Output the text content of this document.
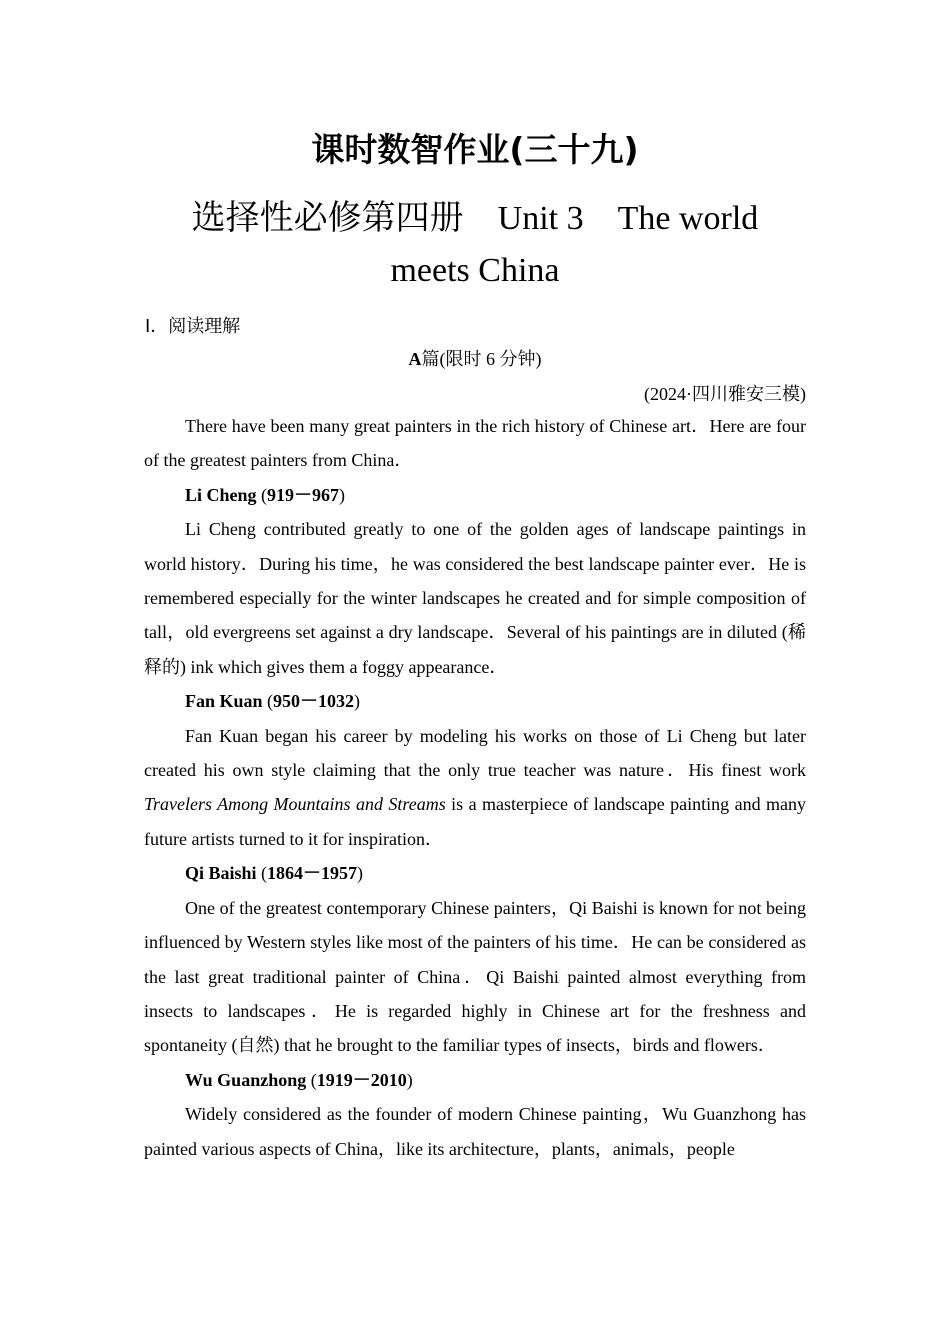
课时数智作业(三十九)
选择性必修第四册　Unit 3　The world
meets China
Ⅰ．阅读理解
A篇(限时 6 分钟)
(2024·四川雅安三模)

There have been many great painters in the rich history of Chinese art．Here are four of the greatest painters from China．

Li Cheng (919－967)

Li Cheng contributed greatly to one of the golden ages of landscape paintings in world history．During his time，he was considered the best landscape painter ever．He is remembered especially for the winter landscapes he created and for simple composition of tall，old evergreens set against a dry landscape．Several of his paintings are in diluted (稀释的) ink which gives them a foggy appearance．

Fan Kuan (950－1032)

Fan Kuan began his career by modeling his works on those of Li Cheng but later created his own style claiming that the only true teacher was nature．His finest work Travelers Among Mountains and Streams is a masterpiece of landscape painting and many future artists turned to it for inspiration．

Qi Baishi (1864－1957)

One of the greatest contemporary Chinese painters，Qi Baishi is known for not being influenced by Western styles like most of the painters of his time．He can be considered as the last great traditional painter of China．Qi Baishi painted almost everything from insects to landscapes．He is regarded highly in Chinese art for the freshness and spontaneity (自然) that he brought to the familiar types of insects，birds and flowers．

Wu Guanzhong (1919－2010)

Widely considered as the founder of modern Chinese painting，Wu Guanzhong has painted various aspects of China，like its architecture，plants，animals，people
